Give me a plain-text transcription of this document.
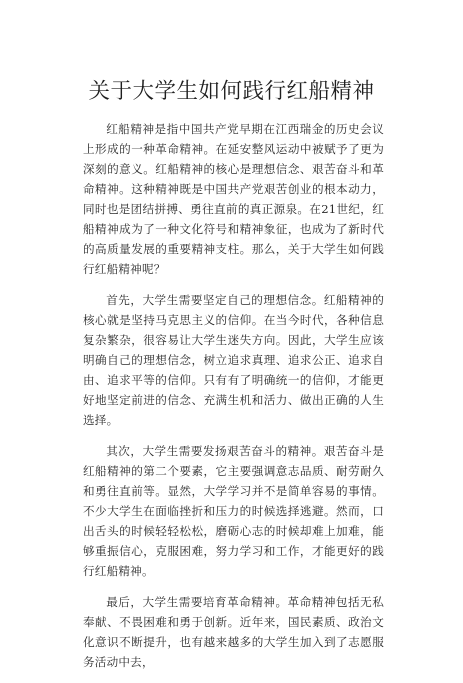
关于大学生如何践行红船精神

红船精神是指中国共产党早期在江西瑞金的历史会议上形成的一种革命精神。在延安整风运动中被赋予了更为深刻的意义。红船精神的核心是理想信念、艰苦奋斗和革命精神。这种精神既是中国共产党艰苦创业的根本动力，同时也是团结拼搏、勇往直前的真正源泉。在21世纪，红船精神成为了一种文化符号和精神象征，也成为了新时代的高质量发展的重要精神支柱。那么，关于大学生如何践行红船精神呢？

首先，大学生需要坚定自己的理想信念。红船精神的核心就是坚持马克思主义的信仰。在当今时代，各种信息复杂繁杂，很容易让大学生迷失方向。因此，大学生应该明确自己的理想信念，树立追求真理、追求公正、追求自由、追求平等的信仰。只有有了明确统一的信仰，才能更好地坚定前进的信念、充满生机和活力、做出正确的人生选择。

其次，大学生需要发扬艰苦奋斗的精神。艰苦奋斗是红船精神的第二个要素，它主要强调意志品质、耐劳耐久和勇往直前等。显然，大学学习并不是简单容易的事情。不少大学生在面临挫折和压力的时候选择逃避。然而，口出舌头的时候轻轻松松，磨砺心志的时候却难上加难，能够重振信心，克服困难，努力学习和工作，才能更好的践行红船精神。

最后，大学生需要培育革命精神。革命精神包括无私奉献、不畏困难和勇于创新。近年来，国民素质、政治文化意识不断提升，也有越来越多的大学生加入到了志愿服务活动中去，
